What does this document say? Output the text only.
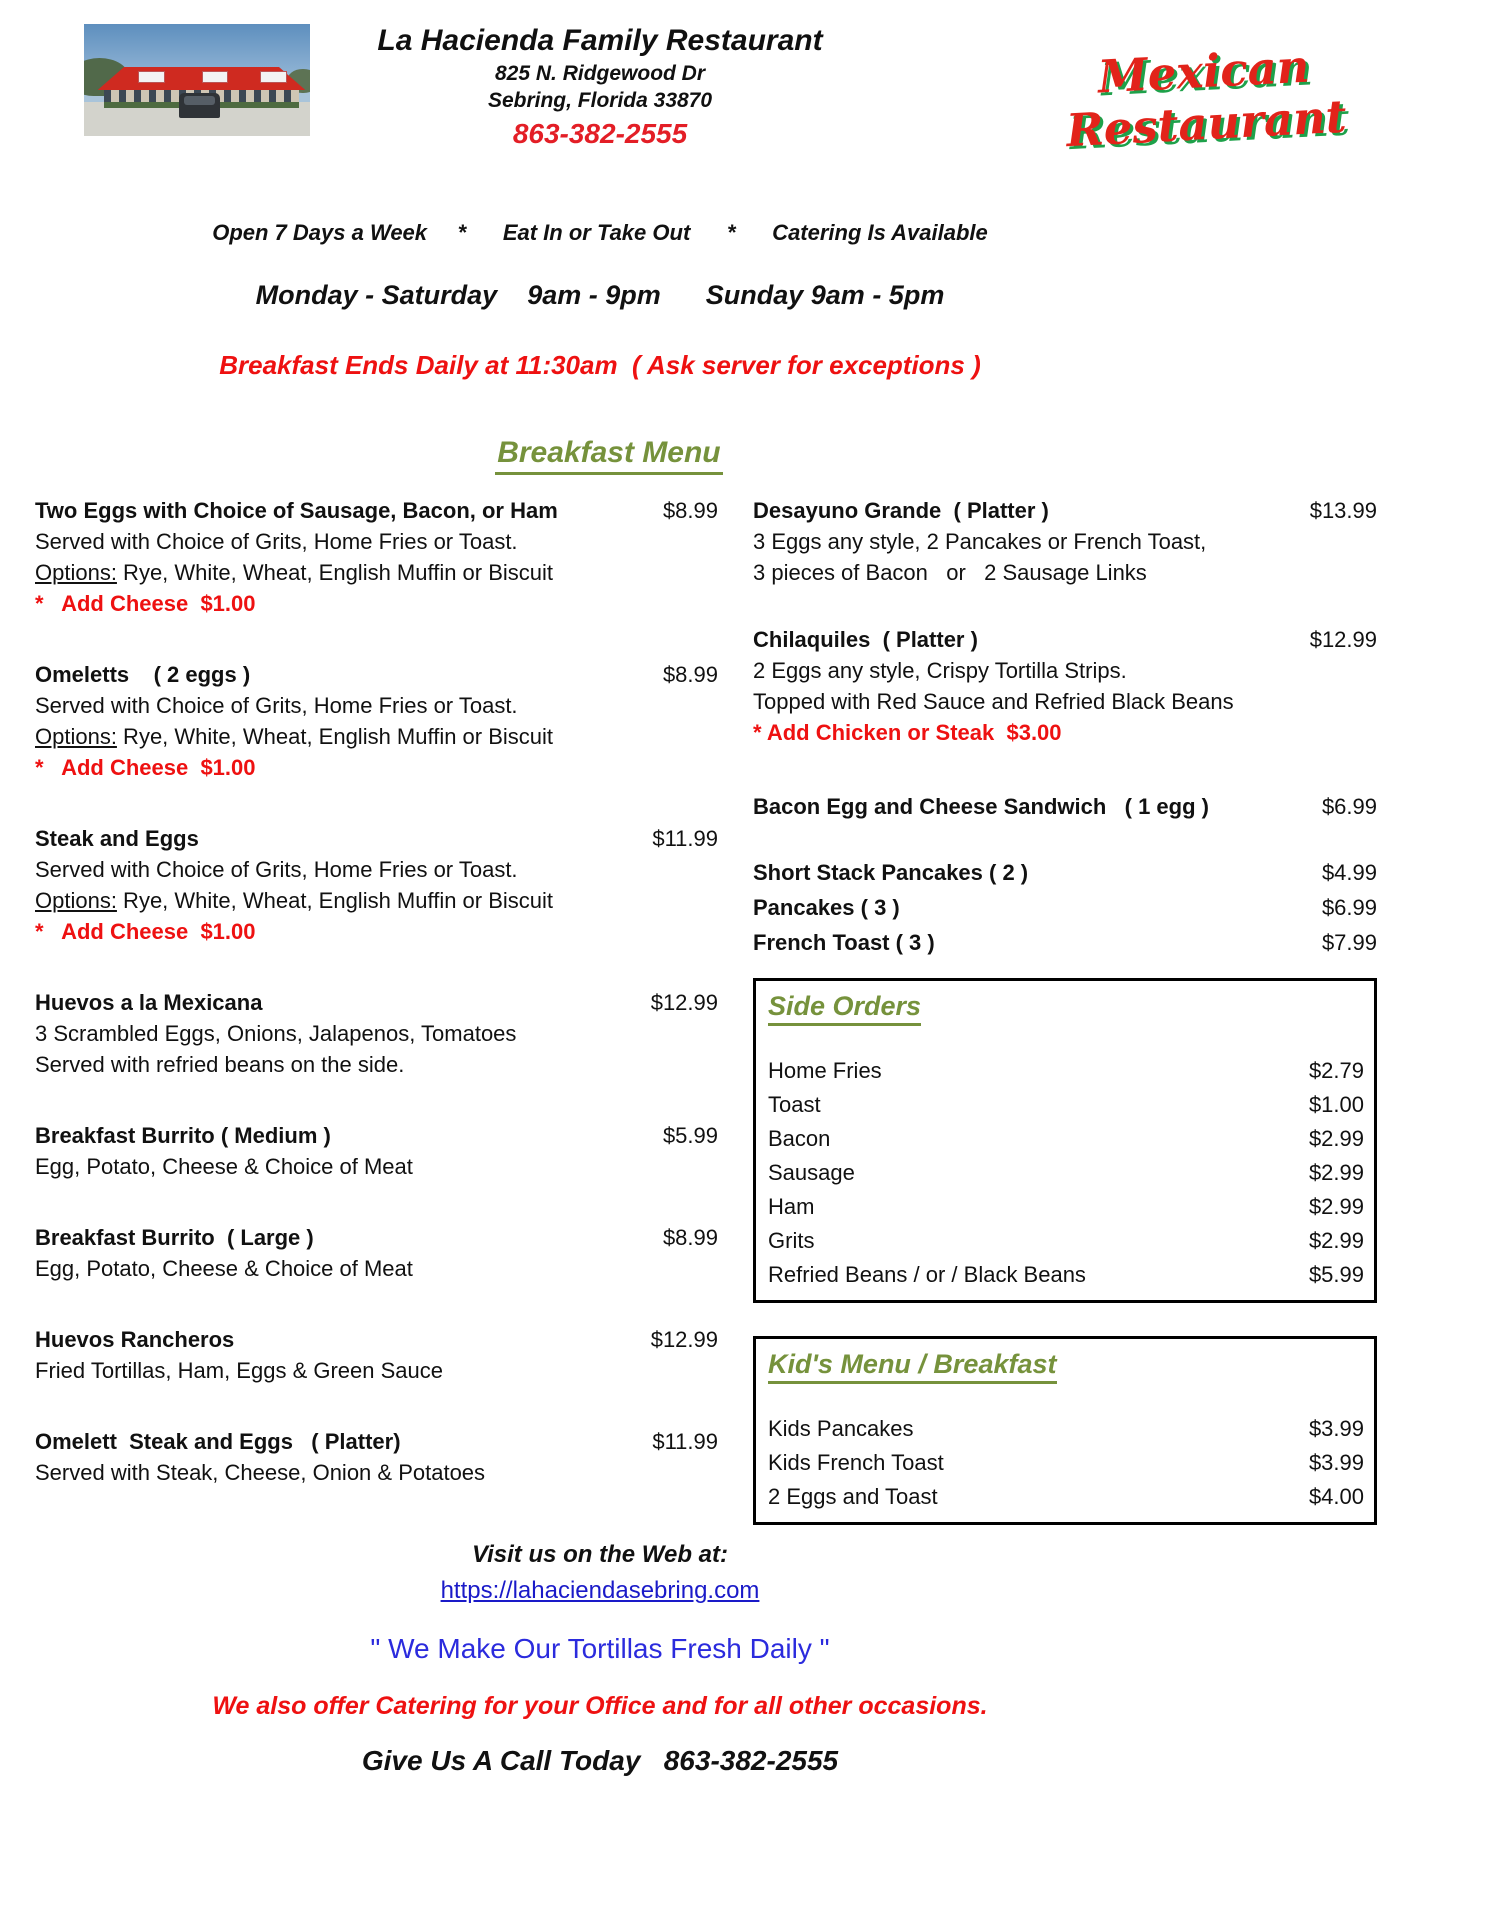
La Hacienda Family Restaurant
825 N. Ridgewood Dr
Sebring, Florida 33870
863-382-2555
Mexican Restaurant
Open 7 Days a Week     *      Eat In or Take Out      *      Catering Is Available
Monday - Saturday    9am - 9pm      Sunday 9am - 5pm
Breakfast Ends Daily at 11:30am  ( Ask server for exceptions )

Breakfast Menu

Two Eggs with Choice of Sausage, Bacon, or Ham	$8.99
Served with Choice of Grits, Home Fries or Toast.
Options: Rye, White, Wheat, English Muffin or Biscuit
*   Add Cheese  $1.00
Omeletts    ( 2 eggs )	$8.99
Served with Choice of Grits, Home Fries or Toast.
Options: Rye, White, Wheat, English Muffin or Biscuit
*   Add Cheese  $1.00
Steak and Eggs	$11.99
Served with Choice of Grits, Home Fries or Toast.
Options: Rye, White, Wheat, English Muffin or Biscuit
*   Add Cheese  $1.00
Huevos a la Mexicana	$12.99
3 Scrambled Eggs, Onions, Jalapenos, Tomatoes
Served with refried beans on the side.
Breakfast Burrito ( Medium )	$5.99
Egg, Potato, Cheese & Choice of Meat
Breakfast Burrito  ( Large )	$8.99
Egg, Potato, Cheese & Choice of Meat
Huevos Rancheros	$12.99
Fried Tortillas, Ham, Eggs & Green Sauce
Omelett  Steak and Eggs   ( Platter)	$11.99
Served with Steak, Cheese, Onion & Potatoes
Desayuno Grande  ( Platter )	$13.99
3 Eggs any style, 2 Pancakes or French Toast,
3 pieces of Bacon   or   2 Sausage Links
Chilaquiles  ( Platter )	$12.99
2 Eggs any style, Crispy Tortilla Strips.
Topped with Red Sauce and Refried Black Beans
* Add Chicken or Steak  $3.00
Bacon Egg and Cheese Sandwich   ( 1 egg )	$6.99
Short Stack Pancakes ( 2 )	$4.99
Pancakes ( 3 )	$6.99
French Toast ( 3 )	$7.99
Side Orders
Home Fries	$2.79
Toast	$1.00
Bacon	$2.99
Sausage	$2.99
Ham	$2.99
Grits	$2.99
Refried Beans / or / Black Beans	$5.99
Kid's Menu / Breakfast
Kids Pancakes	$3.99
Kids French Toast	$3.99
2 Eggs and Toast	$4.00
Visit us on the Web at:
https://lahaciendasebring.com
" We Make Our Tortillas Fresh Daily "
We also offer Catering for your Office and for all other occasions.
Give Us A Call Today   863-382-2555
